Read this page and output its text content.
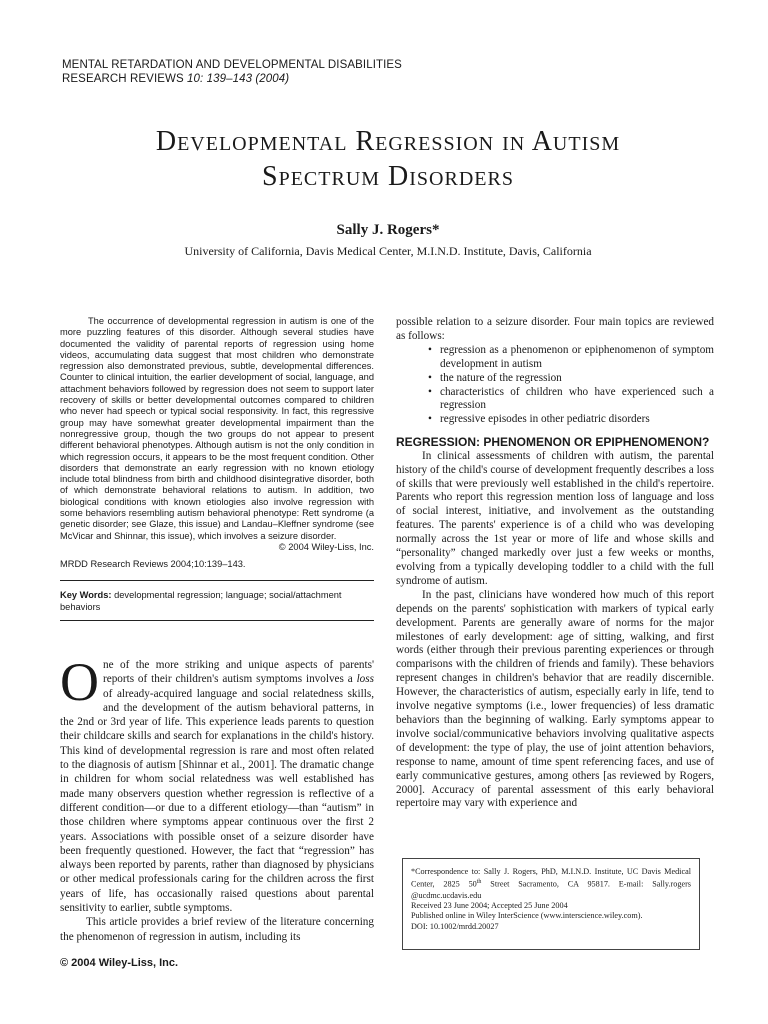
MENTAL RETARDATION AND DEVELOPMENTAL DISABILITIES
RESEARCH REVIEWS 10: 139–143 (2004)
Developmental Regression in Autism
Spectrum Disorders
Sally J. Rogers*
University of California, Davis Medical Center, M.I.N.D. Institute, Davis, California

The occurrence of developmental regression in autism is one of the more puzzling features of this disorder. Although several studies have documented the validity of parental reports of regression using home videos, accumulating data suggest that most children who demonstrate regression also demonstrated previous, subtle, developmental differences. Counter to clinical intuition, the earlier development of social, language, and attachment behaviors followed by regression does not seem to support later recovery of skills or better developmental outcomes compared to children who never had speech or typical social responsivity. In fact, this regressive group may have somewhat greater developmental impairment than the nonregressive group, though the two groups do not appear to present different behavioral phenotypes. Although autism is not the only condition in which regression occurs, it appears to be the most frequent condition. Other disorders that demonstrate an early regression with no known etiology include total blindness from birth and childhood disintegrative disorder, both of which demonstrate behavioral relations to autism. In addition, two biological conditions with known etiologies also involve regression with some behaviors resembling autism behavioral phenotype: Rett syndrome (a genetic disorder; see Glaze, this issue) and Landau–Kleffner syndrome (see McVicar and Shinnar, this issue), which involves a seizure disorder.

© 2004 Wiley-Liss, Inc.
MRDD Research Reviews 2004;10:139–143.
Key Words: developmental regression; language; social/attachment behaviors

One of the more striking and unique aspects of parents' reports of their children's autism symptoms involves a loss of already-acquired language and social relatedness skills, and the development of the autism behavioral patterns, in the 2nd or 3rd year of life. This experience leads parents to question their childcare skills and search for explanations in the child's history. This kind of developmental regression is rare and most often related to the diagnosis of autism [Shinnar et al., 2001]. The dramatic change in children for whom social relatedness was well established has made many observers question whether regression is reflective of a different condition—or due to a different etiology—than “autism” in those children where symptoms appear continuous over the first 2 years. Associations with possible onset of a seizure disorder have been frequently questioned. However, the fact that “regression” has always been reported by parents, rather than diagnosed by physicians or other medical professionals caring for the children across the first years of life, has occasionally raised questions about parental sensitivity to earlier, subtle symptoms.

This article provides a brief review of the literature concerning the phenomenon of regression in autism, including its

possible relation to a seizure disorder. Four main topics are reviewed as follows:

• regression as a phenomenon or epiphenomenon of symptom development in autism
• the nature of the regression
• characteristics of children who have experienced such a regression
• regressive episodes in other pediatric disorders
REGRESSION: PHENOMENON OR EPIPHENOMENON?

In clinical assessments of children with autism, the parental history of the child's course of development frequently describes a loss of skills that were previously well established in the child's repertoire. Parents who report this regression mention loss of language and loss of social interest, initiative, and involvement as the outstanding features. The parents' experience is of a child who was developing normally across the 1st year or more of life and whose skills and “personality” changed markedly over just a few weeks or months, evolving from a typically developing toddler to a child with the full syndrome of autism.

In the past, clinicians have wondered how much of this report depends on the parents' sophistication with markers of typical early development. Parents are generally aware of norms for the major milestones of early development: age of sitting, walking, and first words (either through their previous parenting experiences or through comparisons with the children of friends and family). These behaviors represent changes in children's behavior that are readily discernible. However, the characteristics of autism, especially early in life, tend to involve negative symptoms (i.e., lower frequencies) of less dramatic behaviors than the beginning of walking. Early symptoms appear to involve social/communicative behaviors involving qualitative aspects of development: the type of play, the use of joint attention behaviors, response to name, amount of time spent referencing faces, and use of early communicative gestures, among others [as reviewed by Rogers, 2000]. Accuracy of parental assessment of this early behavioral repertoire may vary with experience and

*Correspondence to: Sally J. Rogers, PhD, M.I.N.D. Institute, UC Davis Medical Center, 2825 50th Street Sacramento, CA 95817. E-mail: Sally.rogers @ucdmc.ucdavis.edu

Received 23 June 2004; Accepted 25 June 2004

Published online in Wiley InterScience (www.interscience.wiley.com).

DOI: 10.1002/mrdd.20027

© 2004 Wiley-Liss, Inc.
